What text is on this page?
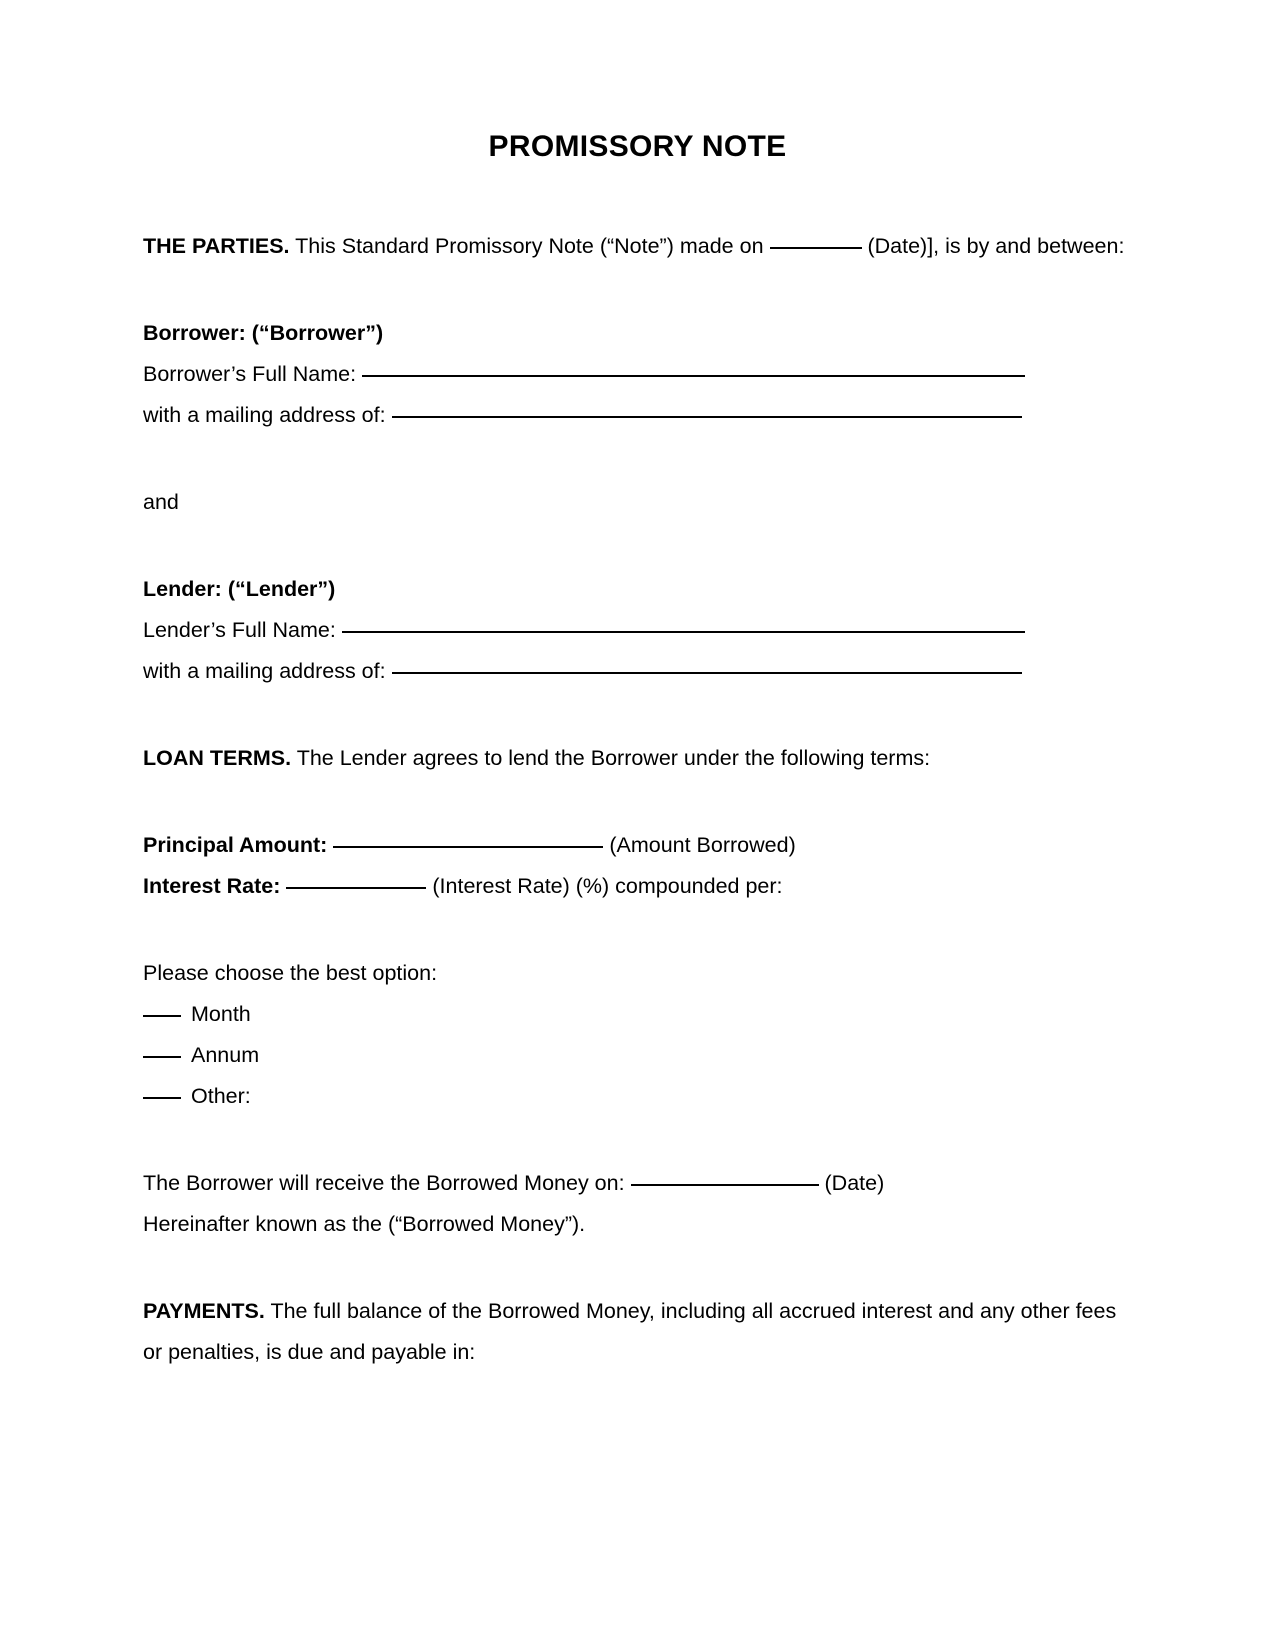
PROMISSORY NOTE

THE PARTIES. This Standard Promissory Note (“Note”) made on	(Date)], is by and between:

Borrower: (“Borrower”)

Borrower’s Full Name:
with a mailing address of:

and

Lender: (“Lender”)

Lender’s Full Name:
with a mailing address of:

LOAN TERMS. The Lender agrees to lend the Borrower under the following terms:

Principal Amount:	(Amount Borrowed)
Interest Rate:	(Interest Rate) (%) compounded per:

Please choose the best option:

Month
Annum
Other:
The Borrower will receive the Borrowed Money on:	(Date)

Hereinafter known as the (“Borrowed Money”).

PAYMENTS. The full balance of the Borrowed Money, including all accrued interest and any other fees or penalties, is due and payable in:
